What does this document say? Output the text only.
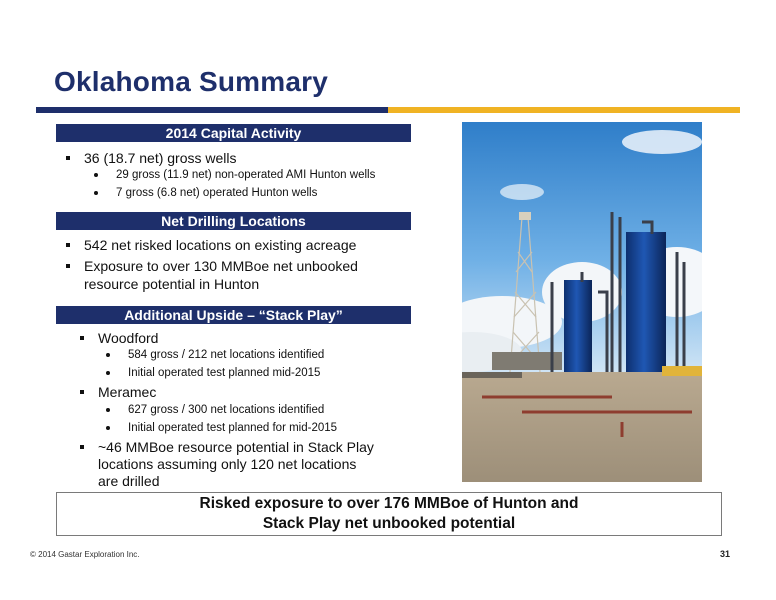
Oklahoma Summary
2014 Capital Activity
36 (18.7 net) gross wells
29 gross (11.9 net) non-operated AMI Hunton wells
7 gross (6.8 net) operated Hunton wells
Net Drilling Locations
542 net risked locations on existing acreage
Exposure to over 130 MMBoe net unbooked
resource potential in Hunton
Additional Upside – “Stack Play”
Woodford
584 gross / 212 net locations identified
Initial operated test planned mid-2015
Meramec
627 gross / 300 net locations identified
Initial operated test planned for mid-2015
~46 MMBoe resource potential in Stack Play
locations assuming only 120 net locations
are drilled
Risked exposure to over 176 MMBoe of Hunton and
Stack Play net unbooked potential
© 2014 Gastar Exploration Inc.	31
